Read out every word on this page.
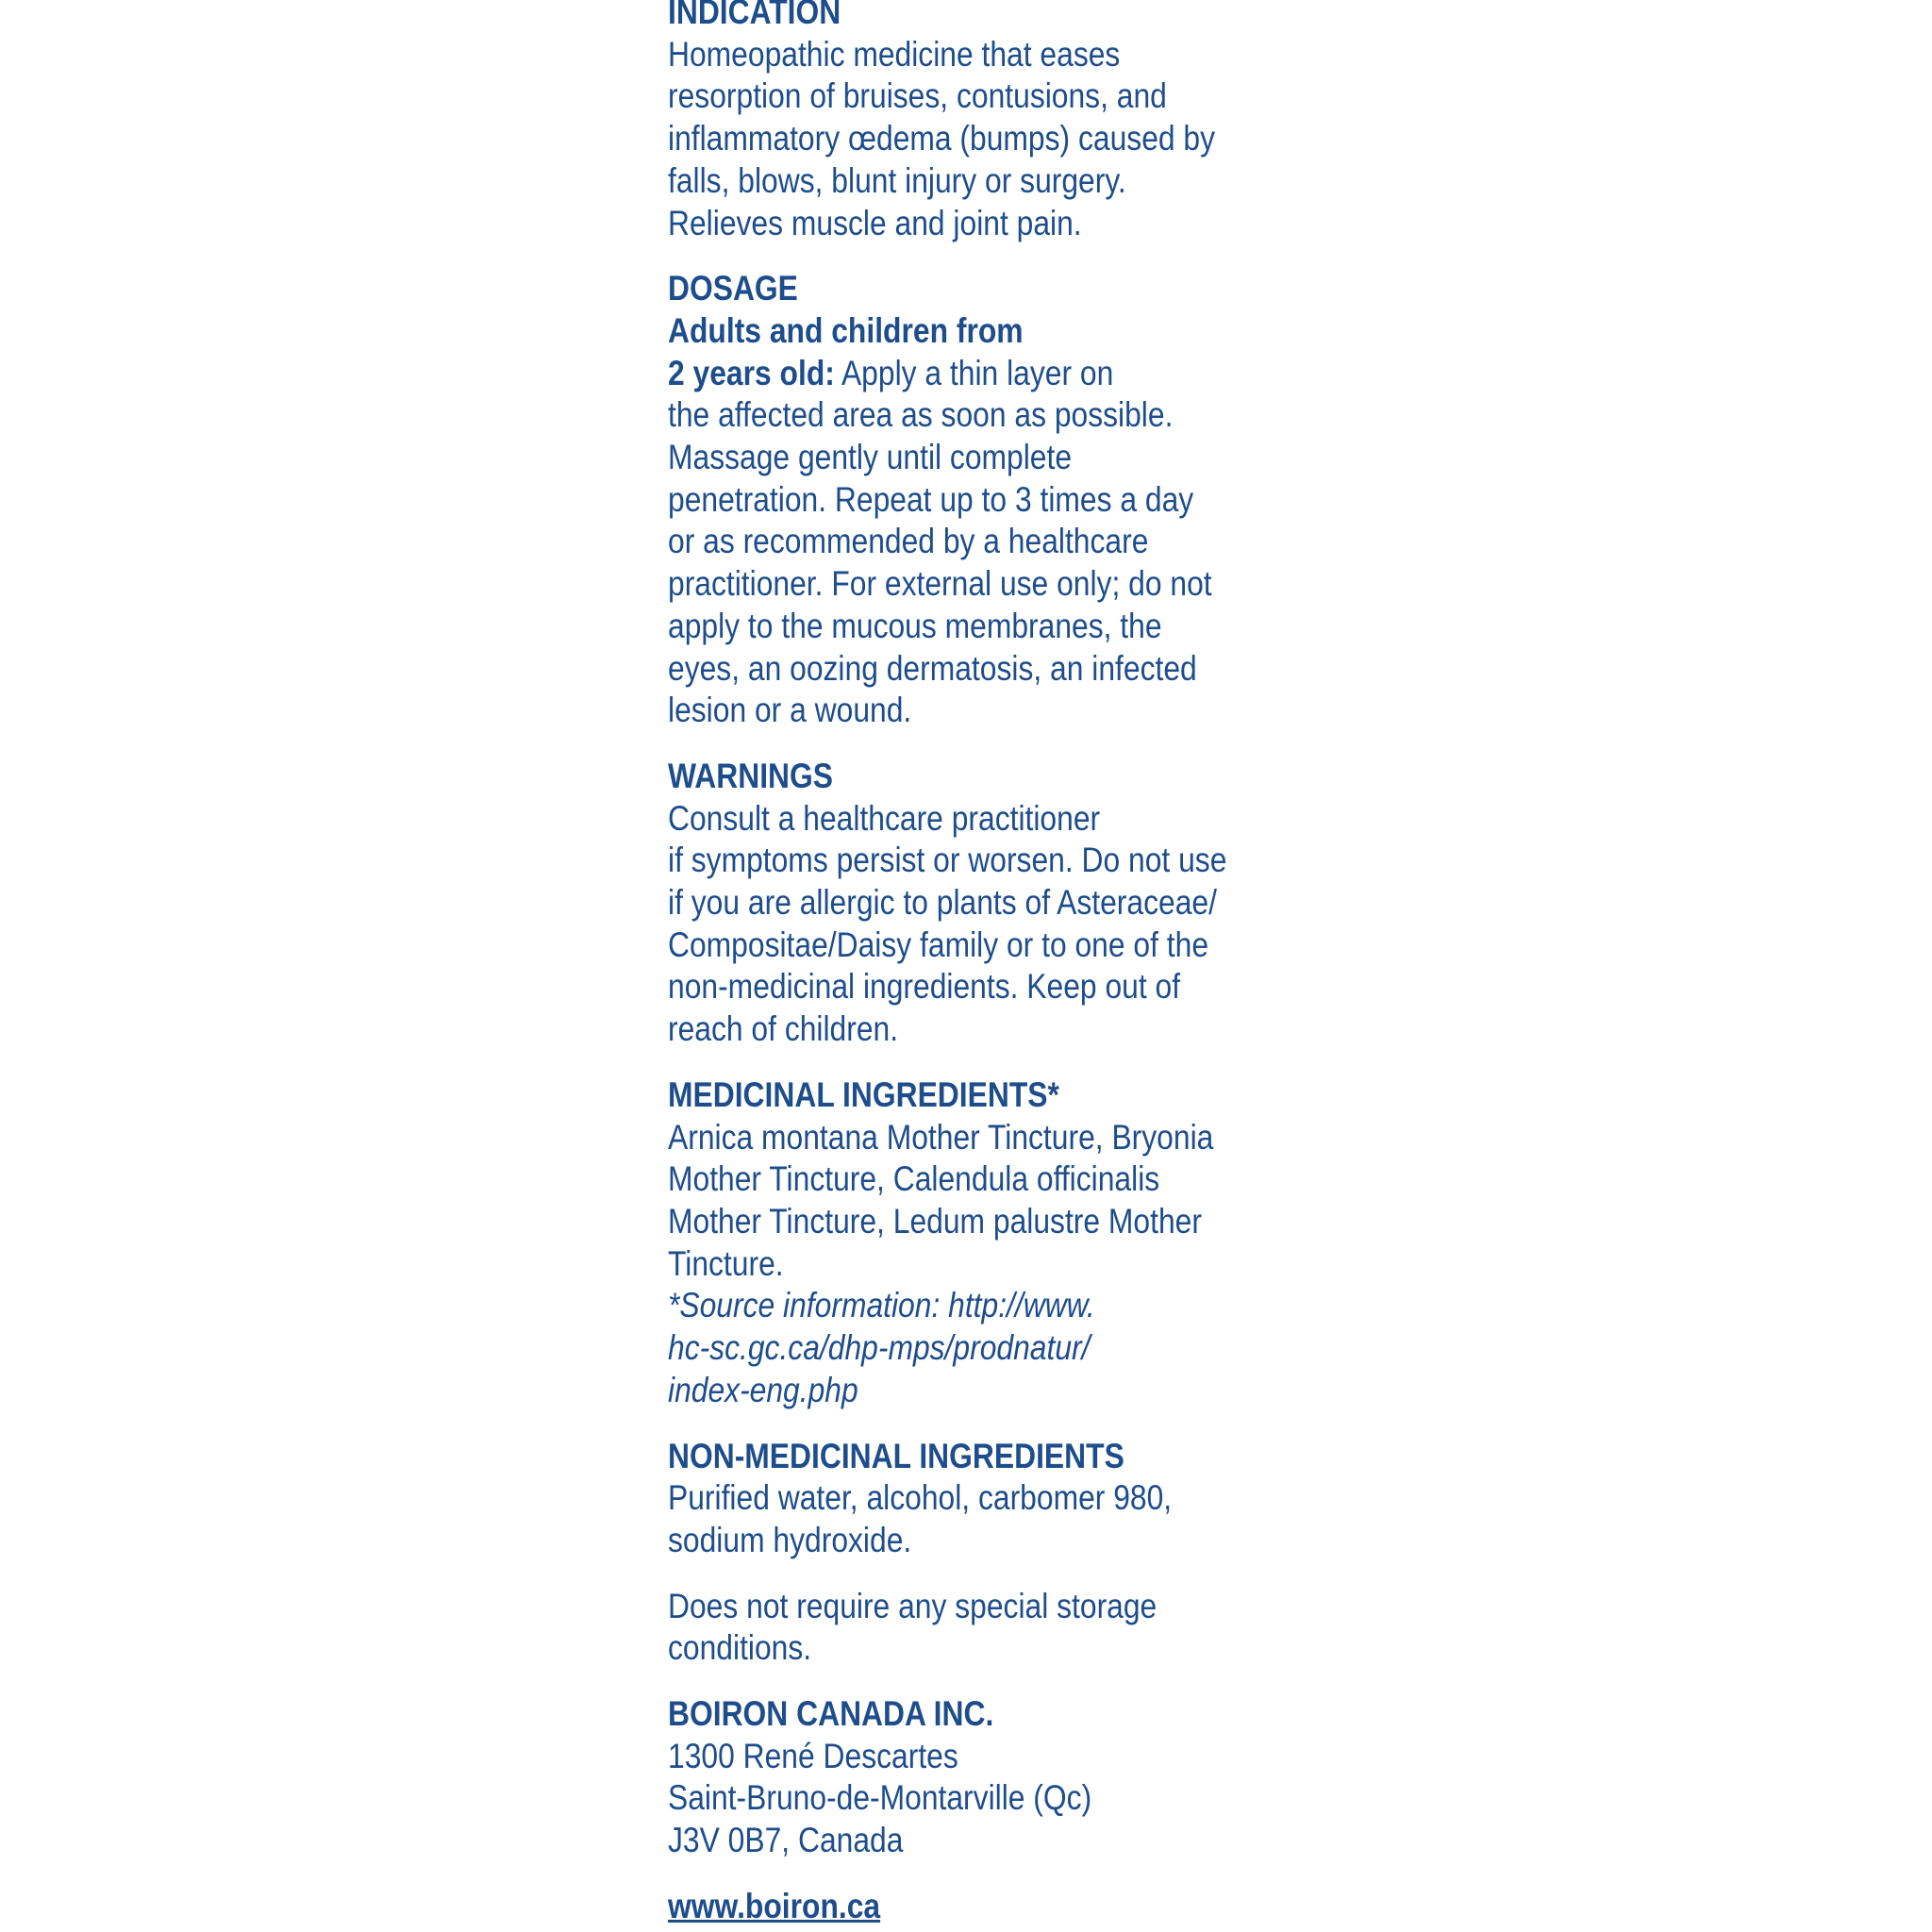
INDICATION
Homeopathic medicine that eases
resorption of bruises, contusions, and
inflammatory œdema (bumps) caused by
falls, blows, blunt injury or surgery.
Relieves muscle and joint pain.
DOSAGE
Adults and children from
2 years old: Apply a thin layer on
the affected area as soon as possible.
Massage gently until complete
penetration. Repeat up to 3 times a day
or as recommended by a healthcare
practitioner. For external use only; do not
apply to the mucous membranes, the
eyes, an oozing dermatosis, an infected
lesion or a wound.
WARNINGS
Consult a healthcare practitioner
if symptoms persist or worsen. Do not use
if you are allergic to plants of Asteraceae/
Compositae/Daisy family or to one of the
non-medicinal ingredients. Keep out of
reach of children.
MEDICINAL INGREDIENTS*
Arnica montana Mother Tincture, Bryonia
Mother Tincture, Calendula officinalis
Mother Tincture, Ledum palustre Mother
Tincture.
*Source information: http://www.
hc-sc.gc.ca/dhp-mps/prodnatur/
index-eng.php
NON-MEDICINAL INGREDIENTS
Purified water, alcohol, carbomer 980,
sodium hydroxide.
Does not require any special storage
conditions.
BOIRON CANADA INC.
1300 René Descartes
Saint-Bruno-de-Montarville (Qc)
J3V 0B7, Canada
www.boiron.ca
